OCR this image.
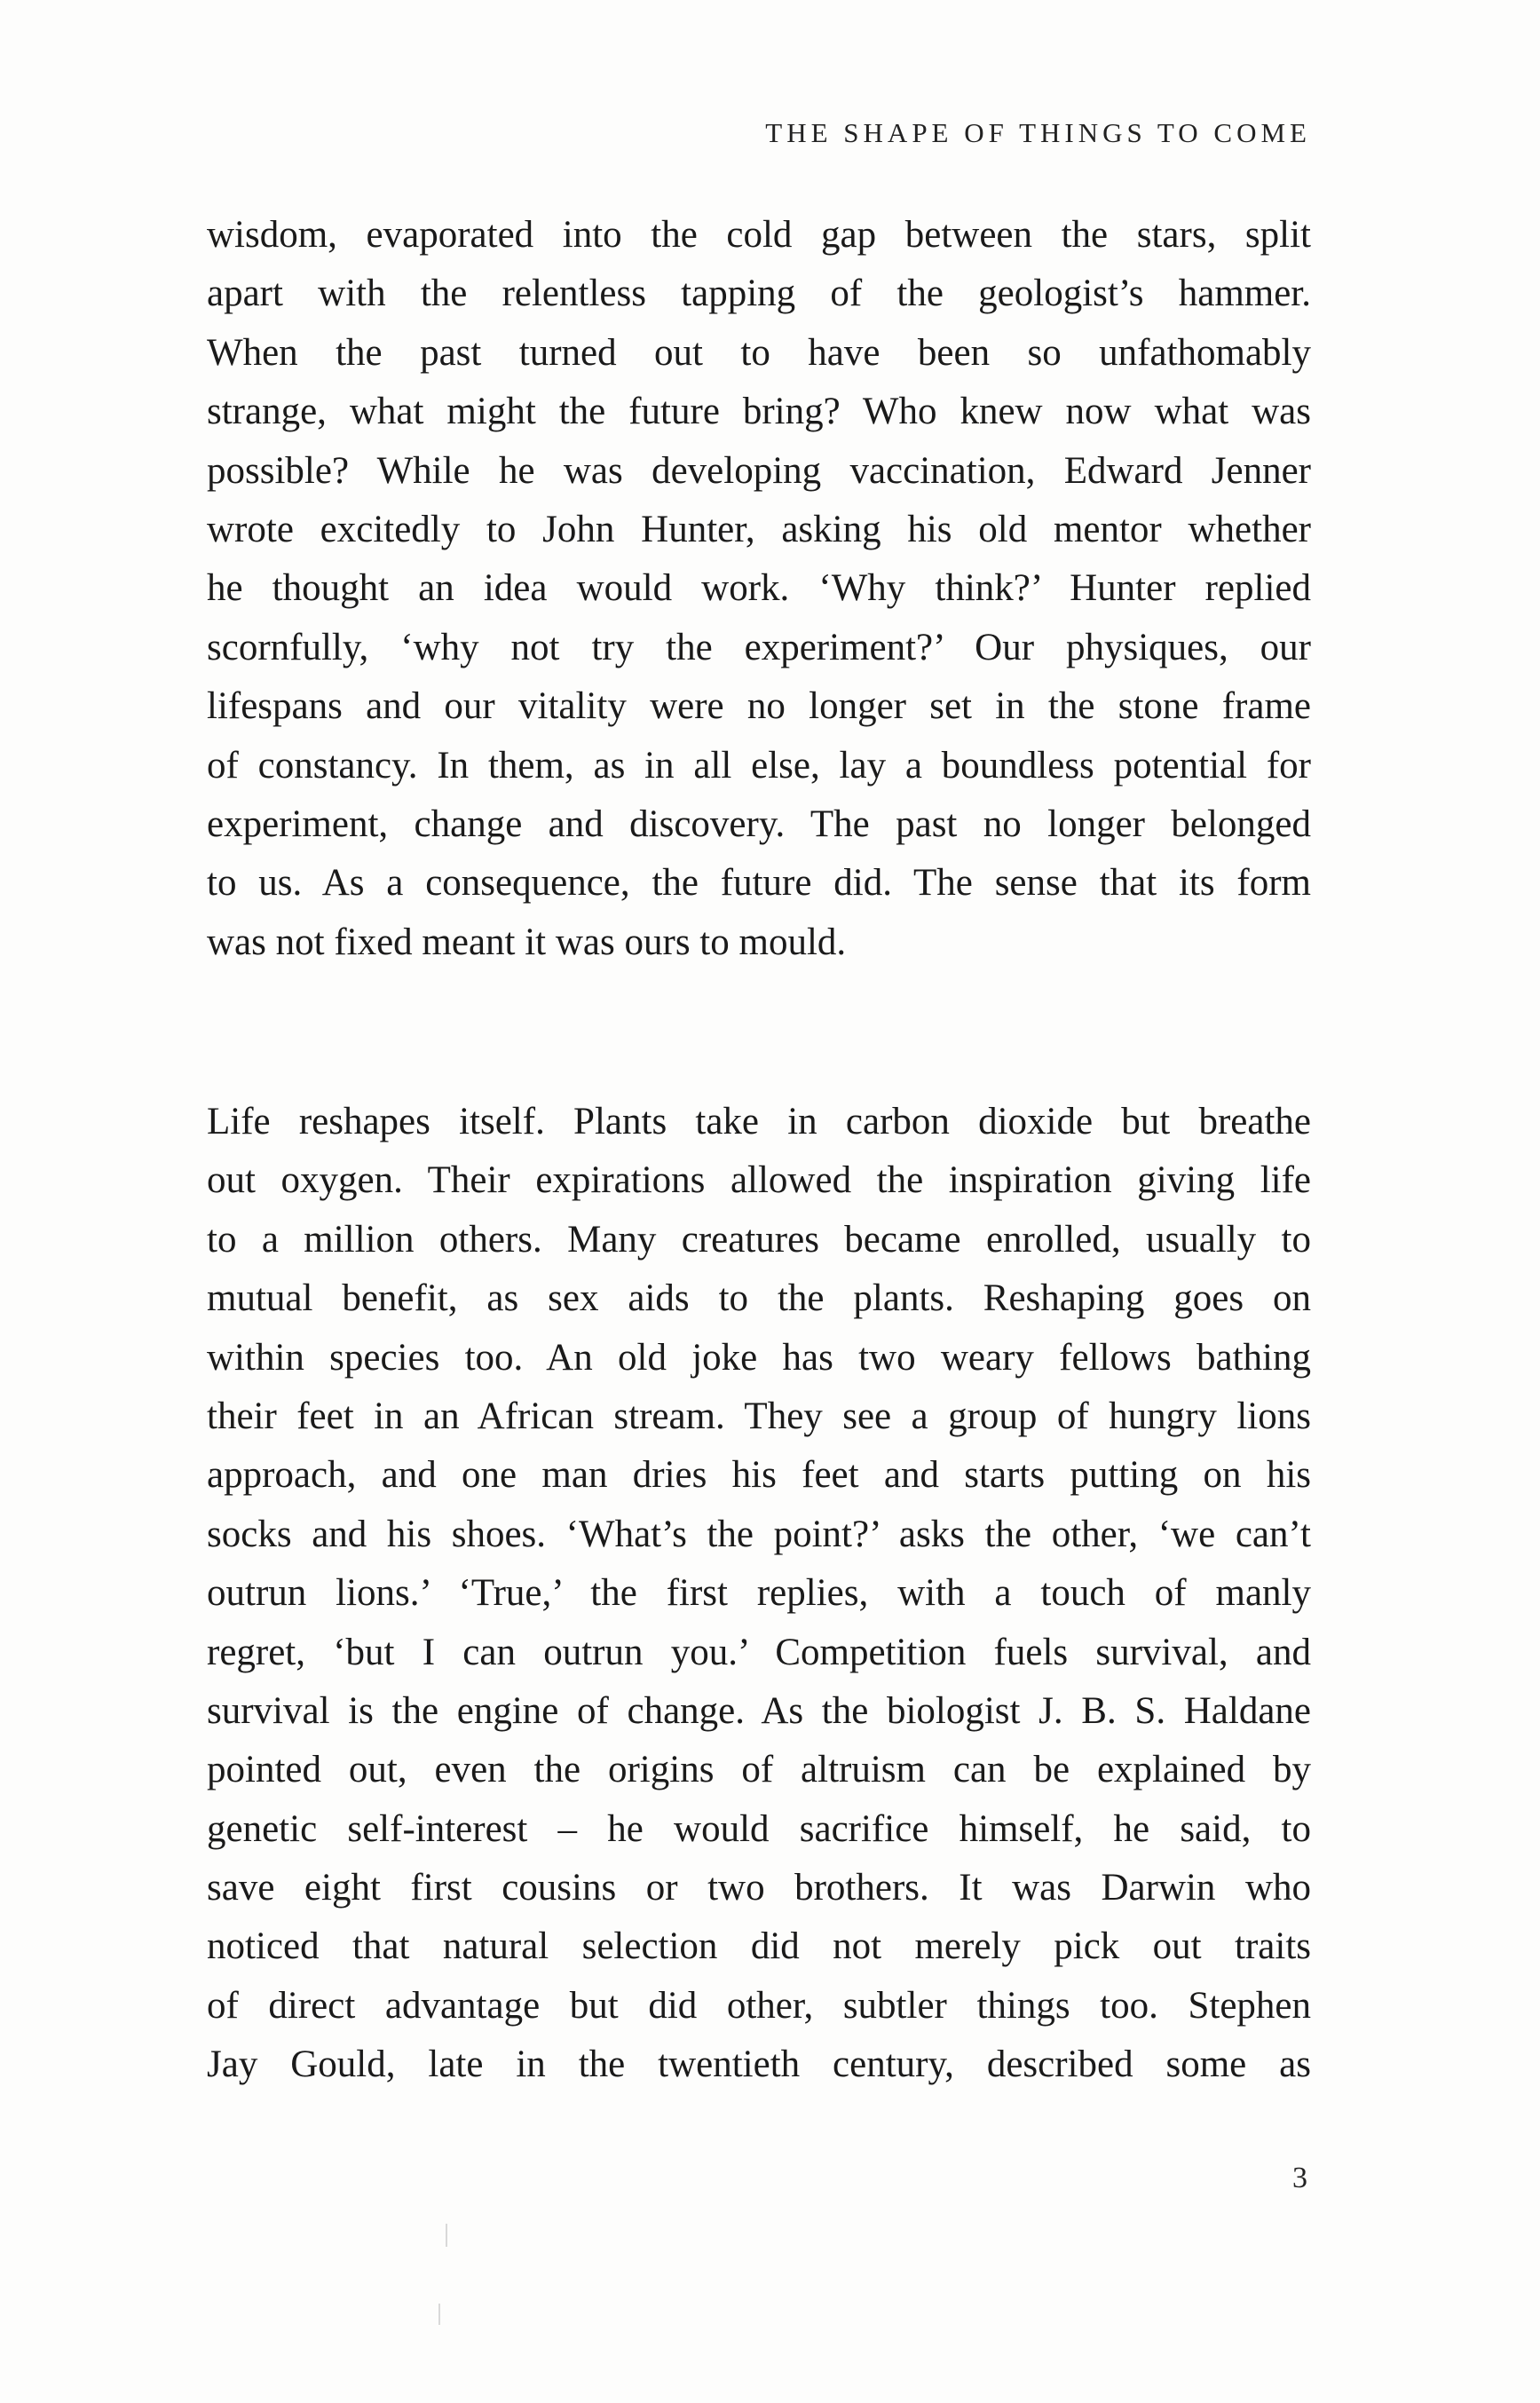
THE SHAPE OF THINGS TO COME
wisdom, evaporated into the cold gap between the stars, split
apart with the relentless tapping of the geologist’s hammer.
When the past turned out to have been so unfathomably
strange, what might the future bring? Who knew now what was
possible? While he was developing vaccination, Edward Jenner
wrote excitedly to John Hunter, asking his old mentor whether
he thought an idea would work. ‘Why think?’ Hunter replied
scornfully, ‘why not try the experiment?’ Our physiques, our
lifespans and our vitality were no longer set in the stone frame
of constancy. In them, as in all else, lay a boundless potential for
experiment, change and discovery. The past no longer belonged
to us. As a consequence, the future did. The sense that its form
was not fixed meant it was ours to mould.
Life reshapes itself. Plants take in carbon dioxide but breathe
out oxygen. Their expirations allowed the inspiration giving life
to a million others. Many creatures became enrolled, usually to
mutual benefit, as sex aids to the plants. Reshaping goes on
within species too. An old joke has two weary fellows bathing
their feet in an African stream. They see a group of hungry lions
approach, and one man dries his feet and starts putting on his
socks and his shoes. ‘What’s the point?’ asks the other, ‘we can’t
outrun lions.’ ‘True,’ the first replies, with a touch of manly
regret, ‘but I can outrun you.’ Competition fuels survival, and
survival is the engine of change. As the biologist J. B. S. Haldane
pointed out, even the origins of altruism can be explained by
genetic self-interest – he would sacrifice himself, he said, to
save eight first cousins or two brothers. It was Darwin who
noticed that natural selection did not merely pick out traits
of direct advantage but did other, subtler things too. Stephen
Jay Gould, late in the twentieth century, described some as
3
